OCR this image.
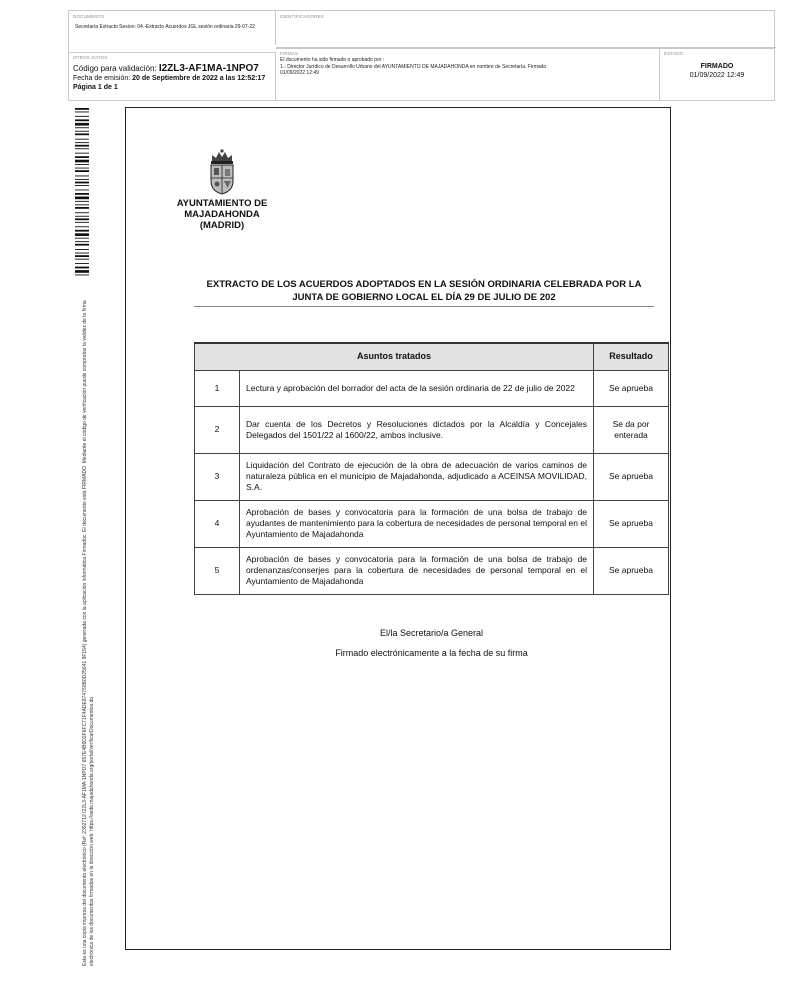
DOCUMENTO
Secretaría Extracto Sesion: 04.-Extracto Acuerdos JGL sesión ordinaria 29-07-22
IDENTIFICADORES
OTROS DATOS
Código para validación: I2ZL3-AF1MA-1NPO7
Fecha de emisión: 20 de Septiembre de 2022 a las 12:52:17
Página 1 de 1
FIRMAS
El documento ha sido firmado o aprobado por :
1.- Director Jurídico de Desarrollo Urbano del AYUNTAMIENTO DE MAJADAHONDA en nombre de Secretaría. Firmado
01/09/2022 12:49
ESTADO
FIRMADO
01/09/2022 12:49
Esta es una copia impresa del documento electrónico (Ref: 2392712 I2ZL3-AF1MA-1NPO7 657E4B6D2F6FC71F4ADE874760B0D25641 9F154) generada con la aplicación informática Firmadoc. El documento está FIRMADO. Mediante el código de verificación puede comprobar la validez de la firma electrónica de los documentos firmados en la dirección web: https://sede.majadahonda.org/portal/verificarDocumentos.do
AYUNTAMIENTO DE
MAJADAHONDA
(MADRID)
EXTRACTO DE LOS ACUERDOS ADOPTADOS EN LA SESIÓN ORDINARIA CELEBRADA POR LA
JUNTA DE GOBIERNO LOCAL EL DÍA 29 DE JULIO DE 202
Asuntos tratados		Resultado
1	Lectura y aprobación del borrador del acta de la sesión ordinaria de 22 de julio de 2022	Se aprueba
2	Dar cuenta de los Decretos y Resoluciones dictados por la Alcaldía y Concejales Delegados del 1501/22 al 1600/22, ambos inclusive.	Se da por enterada
3	Liquidación del Contrato de ejecución de la obra de adecuación de varios caminos de naturaleza pública en el municipio de Majadahonda, adjudicado a ACEINSA MOVILIDAD, S.A.	Se aprueba
4	Aprobación de bases y convocatoria para la formación de una bolsa de trabajo de ayudantes de mantenimiento para la cobertura de necesidades de personal temporal en el Ayuntamiento de Majadahonda	Se aprueba
5	Aprobación de bases y convocatoria para la formación de una bolsa de trabajo de ordenanzas/conserjes para la cobertura de necesidades de personal temporal en el Ayuntamiento de Majadahonda	Se aprueba
El/la Secretario/a General
Firmado electrónicamente a la fecha de su firma
